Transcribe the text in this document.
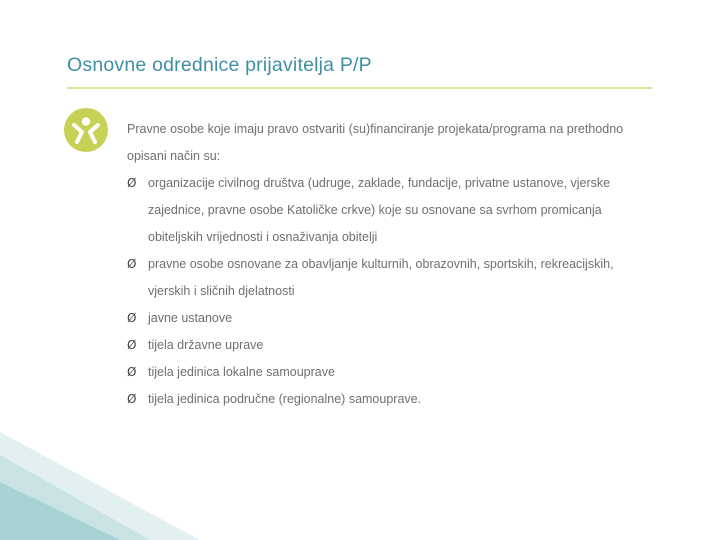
Osnovne odrednice prijavitelja P/P

Pravne osobe koje imaju pravo ostvariti (su)financiranje projekata/programa na prethodno opisani način su:

Ø organizacije civilnog društva (udruge, zaklade, fundacije, privatne ustanove, vjerske zajednice, pravne osobe Katoličke crkve) koje su osnovane sa svrhom promicanja obiteljskih vrijednosti i osnaživanja obitelji
Ø pravne osobe osnovane za obavljanje kulturnih, obrazovnih, sportskih, rekreacijskih, vjerskih i sličnih djelatnosti
Ø javne ustanove
Ø tijela državne uprave
Ø tijela jedinica lokalne samouprave
Ø tijela jedinica područne (regionalne) samouprave.
